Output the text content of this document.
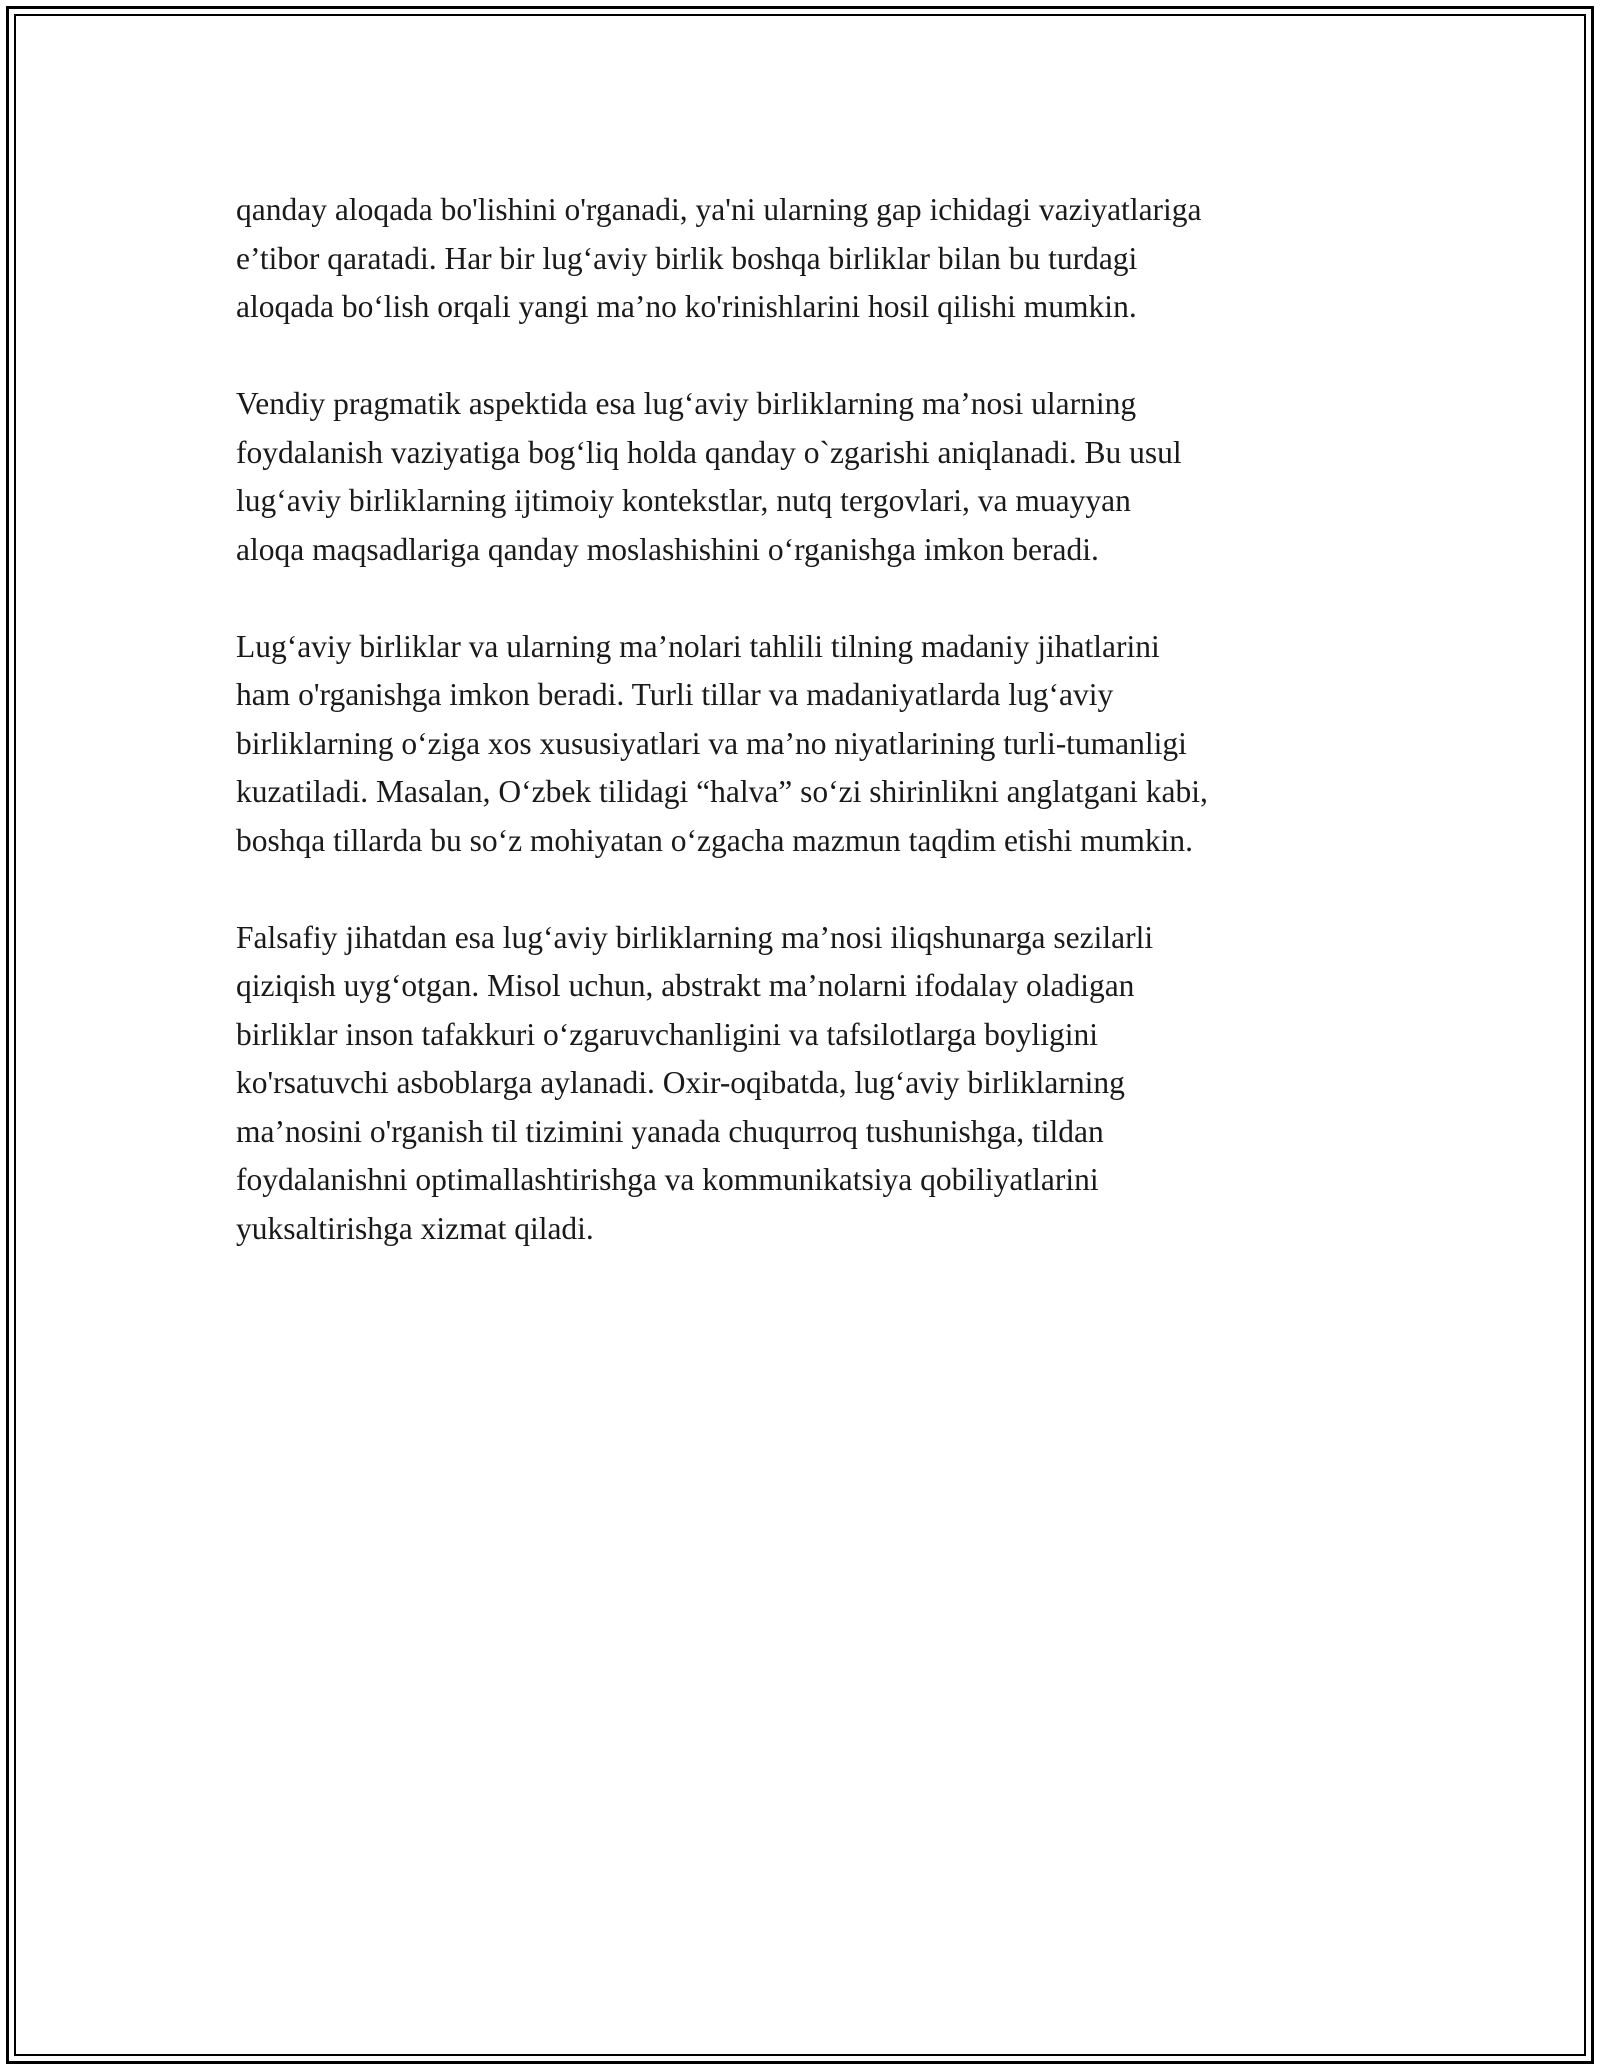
qanday aloqada bo'lishini o'rganadi, ya'ni ularning gap ichidagi vaziyatlariga
e’tibor qaratadi. Har bir lug‘aviy birlik boshqa birliklar bilan bu turdagi
aloqada bo‘lish orqali yangi ma’no ko'rinishlarini hosil qilishi mumkin.

Vendiy pragmatik aspektida esa lug‘aviy birliklarning ma’nosi ularning
foydalanish vaziyatiga bog‘liq holda qanday o`zgarishi aniqlanadi. Bu usul
lug‘aviy birliklarning ijtimoiy kontekstlar, nutq tergovlari, va muayyan
aloqa maqsadlariga qanday moslashishini o‘rganishga imkon beradi.

Lug‘aviy birliklar va ularning ma’nolari tahlili tilning madaniy jihatlarini
ham o'rganishga imkon beradi. Turli tillar va madaniyatlarda lug‘aviy
birliklarning o‘ziga xos xususiyatlari va ma’no niyatlarining turli-tumanligi
kuzatiladi. Masalan, O‘zbek tilidagi “halva” so‘zi shirinlikni anglatgani kabi,
boshqa tillarda bu so‘z mohiyatan o‘zgacha mazmun taqdim etishi mumkin.

Falsafiy jihatdan esa lug‘aviy birliklarning ma’nosi iliqshunarga sezilarli
qiziqish uyg‘otgan. Misol uchun, abstrakt ma’nolarni ifodalay oladigan
birliklar inson tafakkuri o‘zgaruvchanligini va tafsilotlarga boyligini
ko'rsatuvchi asboblarga aylanadi. Oxir-oqibatda, lug‘aviy birliklarning
ma’nosini o'rganish til tizimini yanada chuqurroq tushunishga, tildan
foydalanishni optimallashtirishga va kommunikatsiya qobiliyatlarini
yuksaltirishga xizmat qiladi.
